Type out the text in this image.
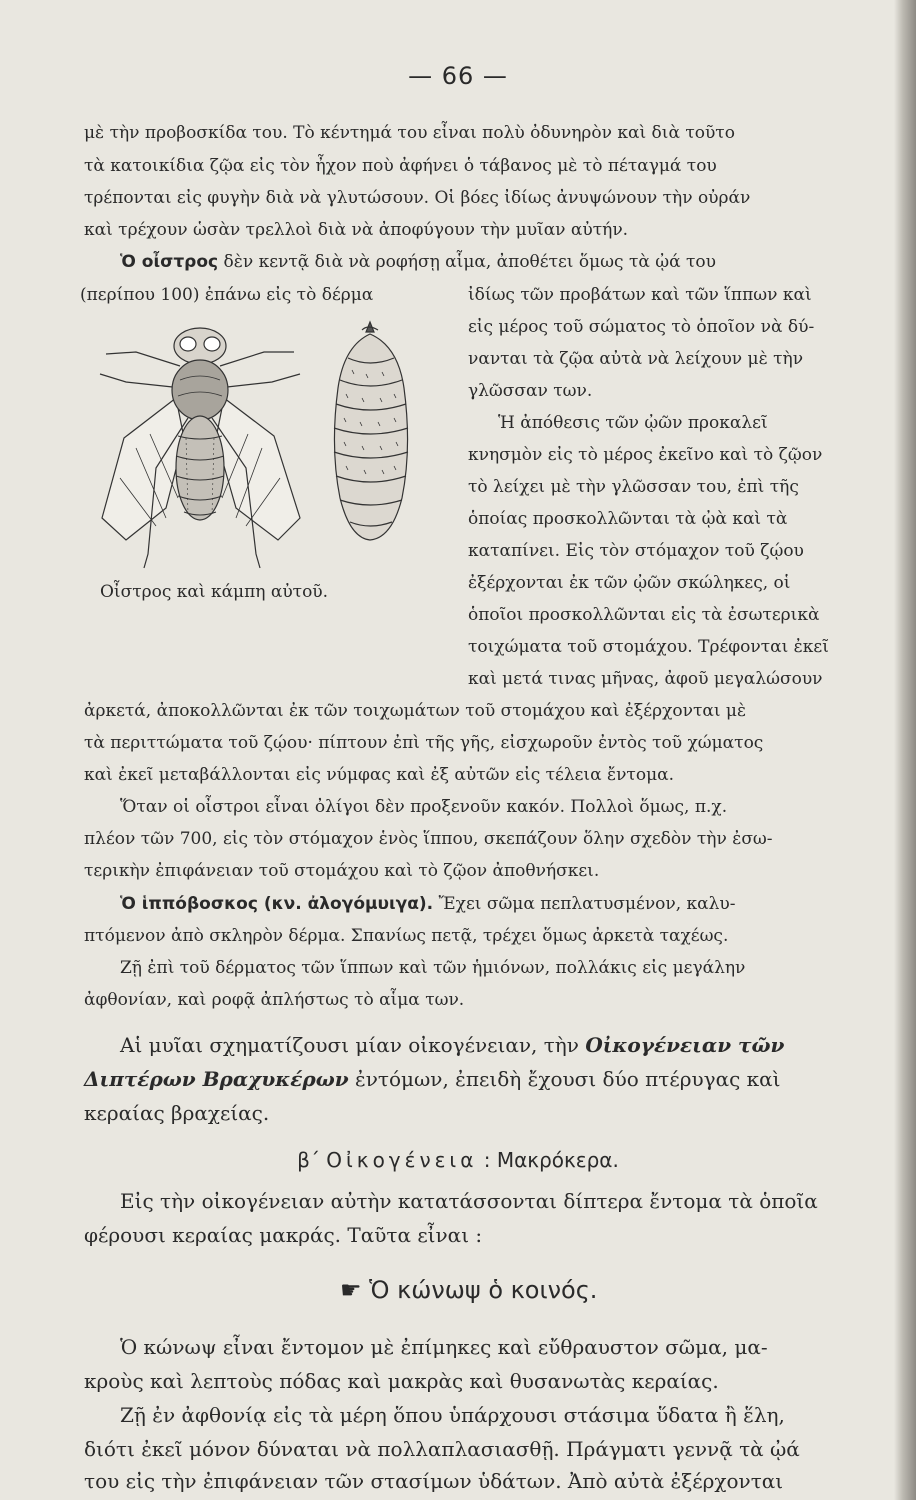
— 66 —
μὲ τὴν προβοσκίδα του. Τὸ κέντημά του εἶναι πολὺ ὀδυνηρὸν καὶ διὰ τοῦτο
τὰ κατοικίδια ζῷα εἰς τὸν ἦχον ποὺ ἀφήνει ὁ τάβανος μὲ τὸ πέταγμά του
τρέπονται εἰς φυγὴν διὰ νὰ γλυτώσουν. Οἱ βόες ἰδίως ἀνυψώνουν τὴν οὐράν
καὶ τρέχουν ὡσὰν τρελλοὶ διὰ νὰ ἀποφύγουν τὴν μυῖαν αὐτήν.
Ὁ οἶστρος δὲν κεντᾷ διὰ νὰ ροφήσῃ αἷμα, ἀποθέτει ὅμως τὰ ᾠά του
(περίπου 100) ἐπάνω εἰς τὸ δέρμα	ἰδίως τῶν προβάτων καὶ τῶν ἵππων καὶ
εἰς μέρος τοῦ σώματος τὸ ὁποῖον νὰ δύ-
νανται τὰ ζῷα αὐτὰ νὰ λείχουν μὲ τὴν
γλῶσσαν των.
Ἡ ἀπόθεσις τῶν ᾠῶν προκαλεῖ
κνησμὸν εἰς τὸ μέρος ἐκεῖνο καὶ τὸ ζῷον
τὸ λείχει μὲ τὴν γλῶσσαν του, ἐπὶ τῆς
ὁποίας προσκολλῶνται τὰ ᾠὰ καὶ τὰ
καταπίνει. Εἰς τὸν στόμαχον τοῦ ζῴου
ἐξέρχονται ἐκ τῶν ᾠῶν σκώληκες, οἱ
ὁποῖοι προσκολλῶνται εἰς τὰ ἐσωτερικὰ
τοιχώματα τοῦ στομάχου. Τρέφονται ἐκεῖ
καὶ μετά τινας μῆνας, ἀφοῦ μεγαλώσουν
Οἶστρος καὶ κάμπη αὐτοῦ.
ἀρκετά, ἀποκολλῶνται ἐκ τῶν τοιχωμάτων τοῦ στομάχου καὶ ἐξέρχονται μὲ
τὰ περιττώματα τοῦ ζῴου· πίπτουν ἐπὶ τῆς γῆς, εἰσχωροῦν ἐντὸς τοῦ χώματος
καὶ ἐκεῖ μεταβάλλονται εἰς νύμφας καὶ ἐξ αὐτῶν εἰς τέλεια ἔντομα.
Ὅταν οἱ οἶστροι εἶναι ὀλίγοι δὲν προξενοῦν κακόν. Πολλοὶ ὅμως, π.χ.
πλέον τῶν 700, εἰς τὸν στόμαχον ἑνὸς ἵππου, σκεπάζουν ὅλην σχεδὸν τὴν ἐσω-
τερικὴν ἐπιφάνειαν τοῦ στομάχου καὶ τὸ ζῷον ἀποθνήσκει.
Ὁ ἱππόβοσκος (κν. ἀλογόμυιγα). Ἔχει σῶμα πεπλατυσμένον, καλυ-
πτόμενον ἀπὸ σκληρὸν δέρμα. Σπανίως πετᾷ, τρέχει ὅμως ἀρκετὰ ταχέως.
Ζῇ ἐπὶ τοῦ δέρματος τῶν ἵππων καὶ τῶν ἡμιόνων, πολλάκις εἰς μεγάλην
ἀφθονίαν, καὶ ροφᾷ ἀπλήστως τὸ αἷμα των.
Αἱ μυῖαι σχηματίζουσι μίαν οἰκογένειαν, τὴν Οἰκογένειαν τῶν
Διπτέρων Βραχυκέρων ἐντόμων, ἐπειδὴ ἔχουσι δύο πτέρυγας καὶ
κεραίας βραχείας.
β΄ Οἰκογένεια : Μακρόκερα.
Εἰς τὴν οἰκογένειαν αὐτὴν κατατάσσονται δίπτερα ἔντομα τὰ ὁποῖα
φέρουσι κεραίας μακράς. Ταῦτα εἶναι :
☛ Ὁ κώνωψ ὁ κοινός.
Ὁ κώνωψ εἶναι ἔντομον μὲ ἐπίμηκες καὶ εὔθραυστον σῶμα, μα-
κροὺς καὶ λεπτοὺς πόδας καὶ μακρὰς καὶ θυσανωτὰς κεραίας.
Ζῇ ἐν ἀφθονίᾳ εἰς τὰ μέρη ὅπου ὑπάρχουσι στάσιμα ὕδατα ἢ ἕλη,
διότι ἐκεῖ μόνον δύναται νὰ πολλαπλασιασθῇ. Πράγματι γεννᾷ τὰ ᾠά
του εἰς τὴν ἐπιφάνειαν τῶν στασίμων ὑδάτων. Ἀπὸ αὐτὰ ἐξέρχονται
